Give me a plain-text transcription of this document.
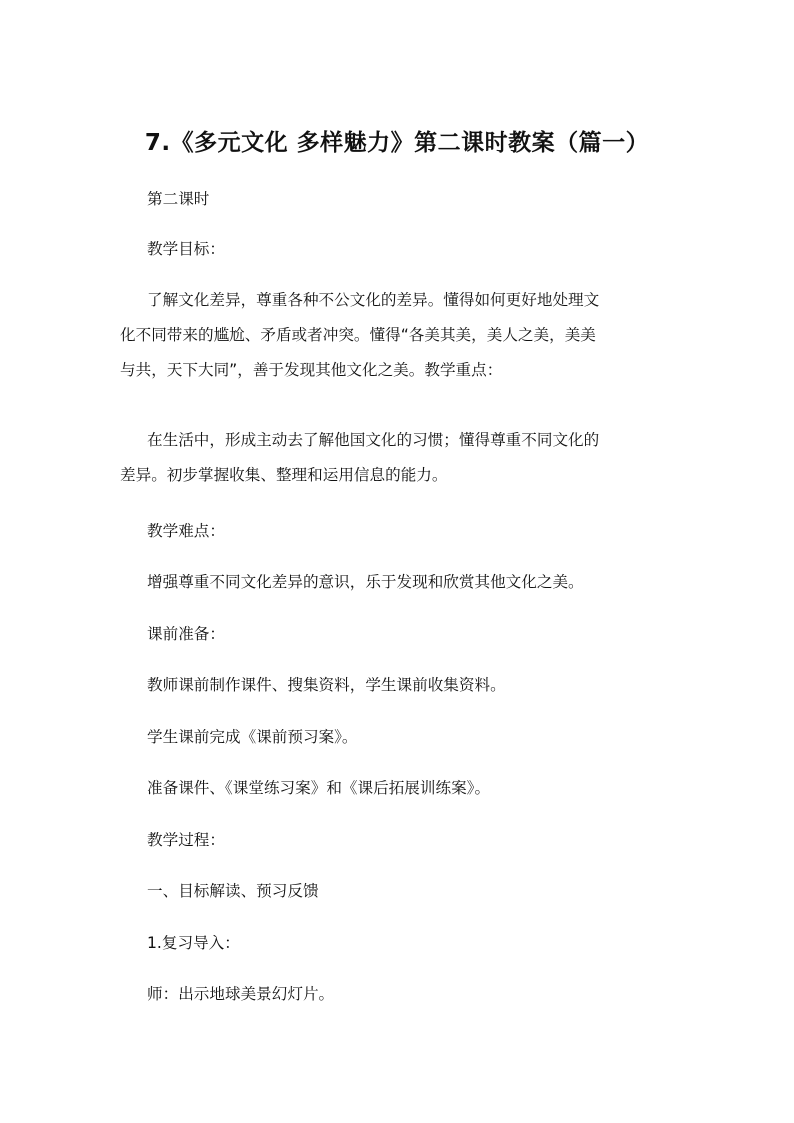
7.《多元文化 多样魅力》第二课时教案（篇一）

第二课时

教学目标：

了解文化差异，尊重各种不公文化的差异。懂得如何更好地处理文
化不同带来的尴尬、矛盾或者冲突。懂得“各美其美，美人之美，美美
与共，天下大同”，善于发现其他文化之美。教学重点：
在生活中，形成主动去了解他国文化的习惯；懂得尊重不同文化的
差异。初步掌握收集、整理和运用信息的能力。

教学难点：

增强尊重不同文化差异的意识，乐于发现和欣赏其他文化之美。

课前准备：

教师课前制作课件、搜集资料，学生课前收集资料。

学生课前完成《课前预习案》。

准备课件、《课堂练习案》和《课后拓展训练案》。

教学过程：

一、目标解读、预习反馈

1.复习导入：

师：出示地球美景幻灯片。
